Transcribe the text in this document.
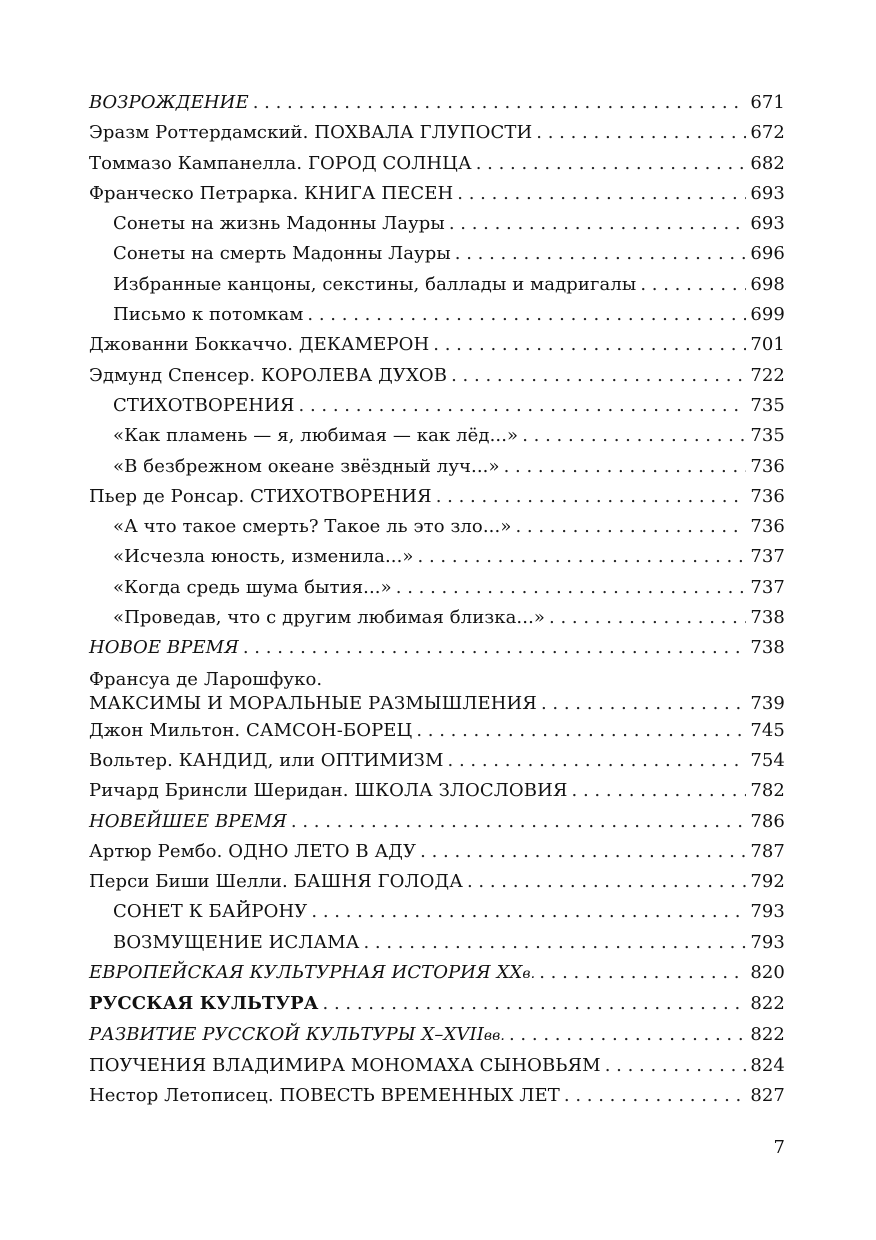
ВОЗРОЖДЕНИЕ . . .	671
Эразм Роттердамский. ПОХВАЛА ГЛУПОСТИ . . .	672
Томмазо Кампанелла. ГОРОД СОЛНЦА . . .	682
Франческо Петрарка. КНИГА ПЕСЕН . . .	693
Сонеты на жизнь Мадонны Лауры . . .	693
Сонеты на смерть Мадонны Лауры . . .	696
Избранные канцоны, секстины, баллады и мадригалы . . .	698
Письмо к потомкам . . .	699
Джованни Боккаччо. ДЕКАМЕРОН . . .	701
Эдмунд Спенсер. КОРОЛЕВА ДУХОВ . . .	722
СТИХОТВОРЕНИЯ . . .	735
«Как пламень — я, любимая — как лёд...» . . .	735
«В безбрежном океане звёздный луч...» . . .	736
Пьер де Ронсар. СТИХОТВОРЕНИЯ . . .	736
«А что такое смерть? Такое ль это зло...» . . .	736
«Исчезла юность, изменила...» . . .	737
«Когда средь шума бытия...» . . .	737
«Проведав, что с другим любимая близка...» . . .	738
НОВОЕ ВРЕМЯ . . .	738
Франсуа де Ларошфуко.
МАКСИМЫ И МОРАЛЬНЫЕ РАЗМЫШЛЕНИЯ . . .	739
Джон Мильтон. САМСОН-БОРЕЦ . . .	745
Вольтер. КАНДИД, или ОПТИМИЗМ . . .	754
Ричард Бринсли Шеридан. ШКОЛА ЗЛОСЛОВИЯ . . .	782
НОВЕЙШЕЕ ВРЕМЯ . . .	786
Артюр Рембо. ОДНО ЛЕТО В АДУ . . .	787
Перси Биши Шелли. БАШНЯ ГОЛОДА . . .	792
СОНЕТ К БАЙРОНУ . . .	793
ВОЗМУЩЕНИЕ ИСЛАМА . . .	793
ЕВРОПЕЙСКАЯ КУЛЬТУРНАЯ ИСТОРИЯ XX в. . . .	820
РУССКАЯ КУЛЬТУРА . . .	822
РАЗВИТИЕ РУССКОЙ КУЛЬТУРЫ X–XVII вв. . . .	822
ПОУЧЕНИЯ ВЛАДИМИРА МОНОМАХА СЫНОВЬЯМ . . .	824
Нестор Летописец. ПОВЕСТЬ ВРЕМЕННЫХ ЛЕТ . . .	827
7
